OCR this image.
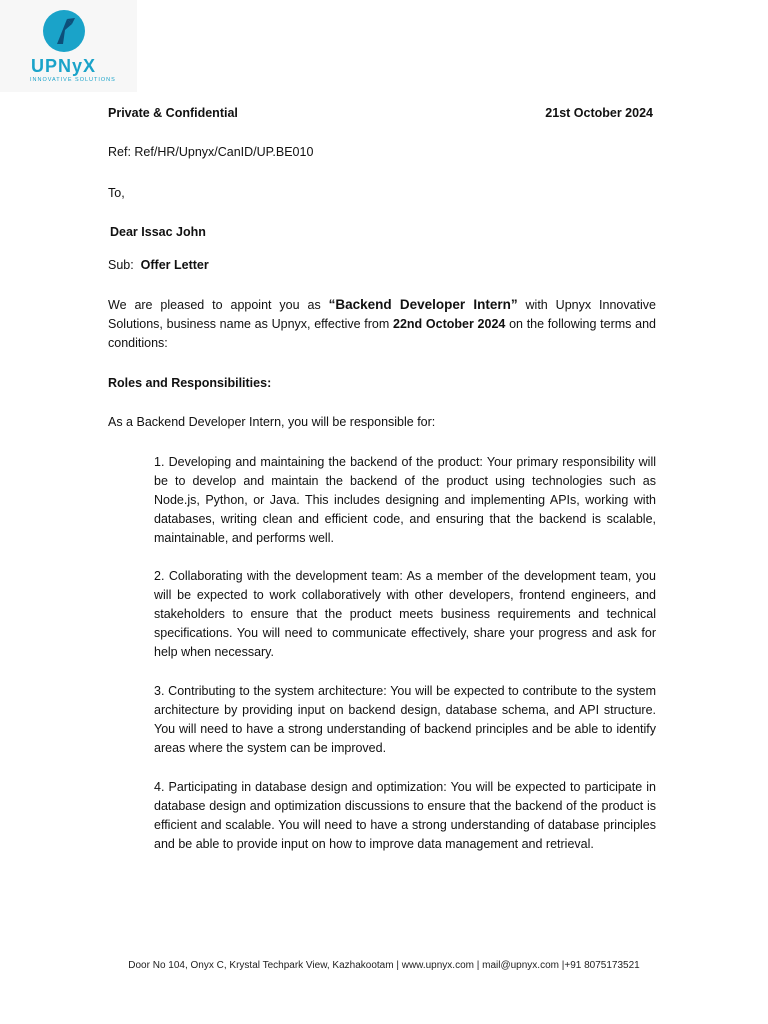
UPNyX
INNOVATIVE SOLUTIONS
Private & Confidential	21st October 2024
Ref: Ref/HR/Upnyx/CanID/UP.BE010
To,
Dear Issac John
Sub: Offer Letter
We are pleased to appoint you as “Backend Developer Intern” with Upnyx Innovative Solutions, business name as Upnyx, effective from 22nd October 2024 on the following terms and conditions:
Roles and Responsibilities:
As a Backend Developer Intern, you will be responsible for:
1. Developing and maintaining the backend of the product: Your primary responsibility will be to develop and maintain the backend of the product using technologies such as Node.js, Python, or Java. This includes designing and implementing APIs, working with databases, writing clean and efficient code, and ensuring that the backend is scalable, maintainable, and performs well.
2. Collaborating with the development team: As a member of the development team, you will be expected to work collaboratively with other developers, frontend engineers, and stakeholders to ensure that the product meets business requirements and technical specifications. You will need to communicate effectively, share your progress and ask for help when necessary.
3. Contributing to the system architecture: You will be expected to contribute to the system architecture by providing input on backend design, database schema, and API structure. You will need to have a strong understanding of backend principles and be able to identify areas where the system can be improved.
4. Participating in database design and optimization: You will be expected to participate in database design and optimization discussions to ensure that the backend of the product is efficient and scalable. You will need to have a strong understanding of database principles and be able to provide input on how to improve data management and retrieval.
Door No 104, Onyx C, Krystal Techpark View, Kazhakootam | www.upnyx.com | mail@upnyx.com |+91 8075173521
